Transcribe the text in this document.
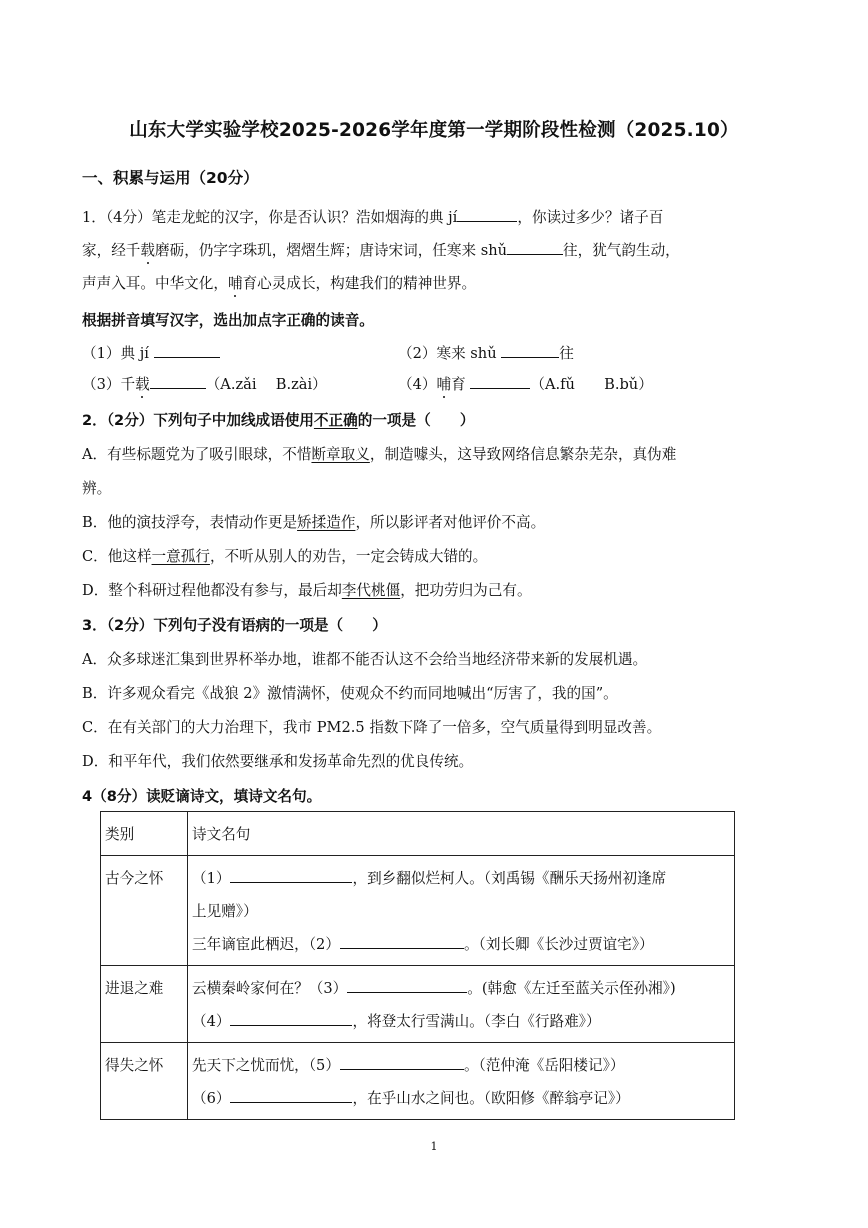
山东大学实验学校2025-2026学年度第一学期阶段性检测（2025.10）
一、积累与运用（20分）
1．（4分）笔走龙蛇的汉字，你是否认识？浩如烟海的典 jí	，你读过多少？诸子百
家，经千载磨砺，仍字字珠玑，熠熠生辉；唐诗宋词，任寒来 shǔ	往，犹气韵生动，
声声入耳。中华文化，哺育心灵成长，构建我们的精神世界。
根据拼音填写汉字，选出加点字正确的读音。
（1）典 jí	（2）寒来 shǔ	往
（3）千载	（A.zǎi　 B.zài）	（4）哺育	（A.fǔ　　B.bǔ）
2．（2分）下列句子中加线成语使用不正确的一项是（　　）
A．有些标题党为了吸引眼球，不惜断章取义，制造噱头，这导致网络信息繁杂芜杂，真伪难
辨。
B．他的演技浮夸，表情动作更是矫揉造作，所以影评者对他评价不高。
C．他这样一意孤行，不听从别人的劝告，一定会铸成大错的。
D．整个科研过程他都没有参与，最后却李代桃僵，把功劳归为己有。
3．（2分）下列句子没有语病的一项是（　　）
A．众多球迷汇集到世界杯举办地，谁都不能否认这不会给当地经济带来新的发展机遇。
B．许多观众看完《战狼 2》激情满怀，使观众不约而同地喊出“厉害了，我的国”。
C．在有关部门的大力治理下，我市 PM2.5 指数下降了一倍多，空气质量得到明显改善。
D．和平年代，我们依然要继承和发扬革命先烈的优良传统。
4（8分）读贬谪诗文，填诗文名句。
类别	诗文名句
古今之怀	（1） ，到乡翻似烂柯人。（刘禹锡《酬乐天扬州初逢席
上见赠》）
三年谪宦此栖迟，（2） 。（刘长卿《长沙过贾谊宅》）

进退之难	云横秦岭家何在？（3） 。(韩愈《左迁至蓝关示侄孙湘》)
（4） ，将登太行雪满山。（李白《行路难》）

得失之怀	先天下之忧而忧，（5） 。（范仲淹《岳阳楼记》）
（6） ，在乎山水之间也。（欧阳修《醉翁亭记》）
1
